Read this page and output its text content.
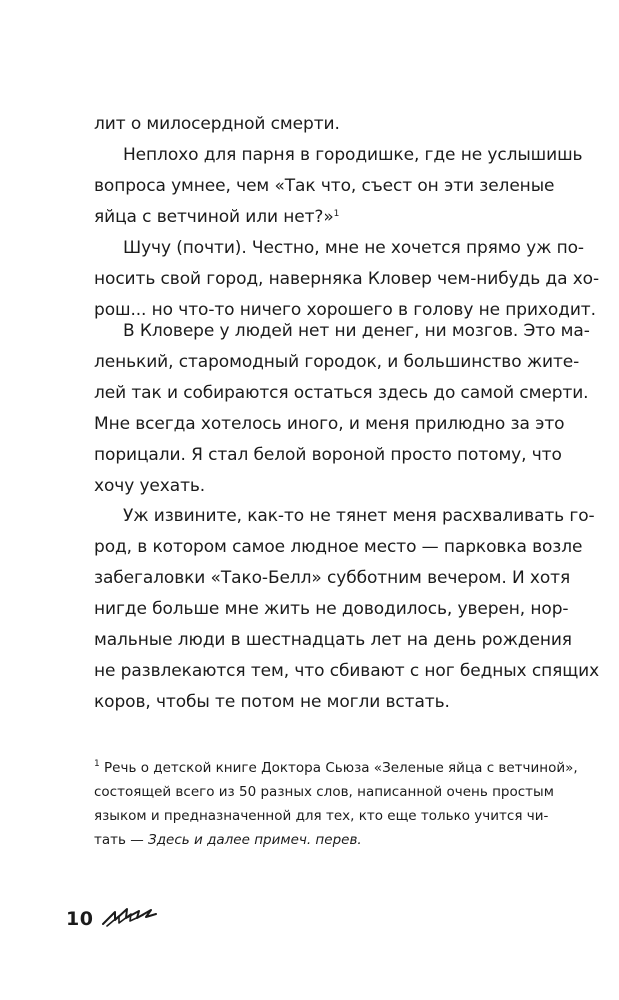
лит о милосердной смерти.

Неплохо для парня в городишке, где не услышишь
вопроса умнее, чем «Так что, съест он эти зеленые
яйца с ветчиной или нет?»$^1$

Шучу (почти). Честно, мне не хочется прямо уж по-
носить свой город, наверняка Кловер чем-нибудь да хо-
рош... но что-то ничего хорошего в голову не приходит.

В Кловере у людей нет ни денег, ни мозгов. Это ма-
ленький, старомодный городок, и большинство жите-
лей так и собираются остаться здесь до самой смерти.
Мне всегда хотелось иного, и меня прилюдно за это
порицали. Я стал белой вороной просто потому, что
хочу уехать.

Уж извините, как-то не тянет меня расхваливать го-
род, в котором самое людное место — парковка возле
забегаловки «Тако-Белл» субботним вечером. И хотя
нигде больше мне жить не доводилось, уверен, нор-
мальные люди в шестнадцать лет на день рождения
не развлекаются тем, что сбивают с ног бедных спящих
коров, чтобы те потом не могли встать.

$^1$ Речь о детской книге Доктора Сьюза «Зеленые яйца с ветчиной»,
состоящей всего из 50 разных слов, написанной очень простым
языком и предназначенной для тех, кто еще только учится чи-
тать — Здесь и далее примеч. перев.
10
